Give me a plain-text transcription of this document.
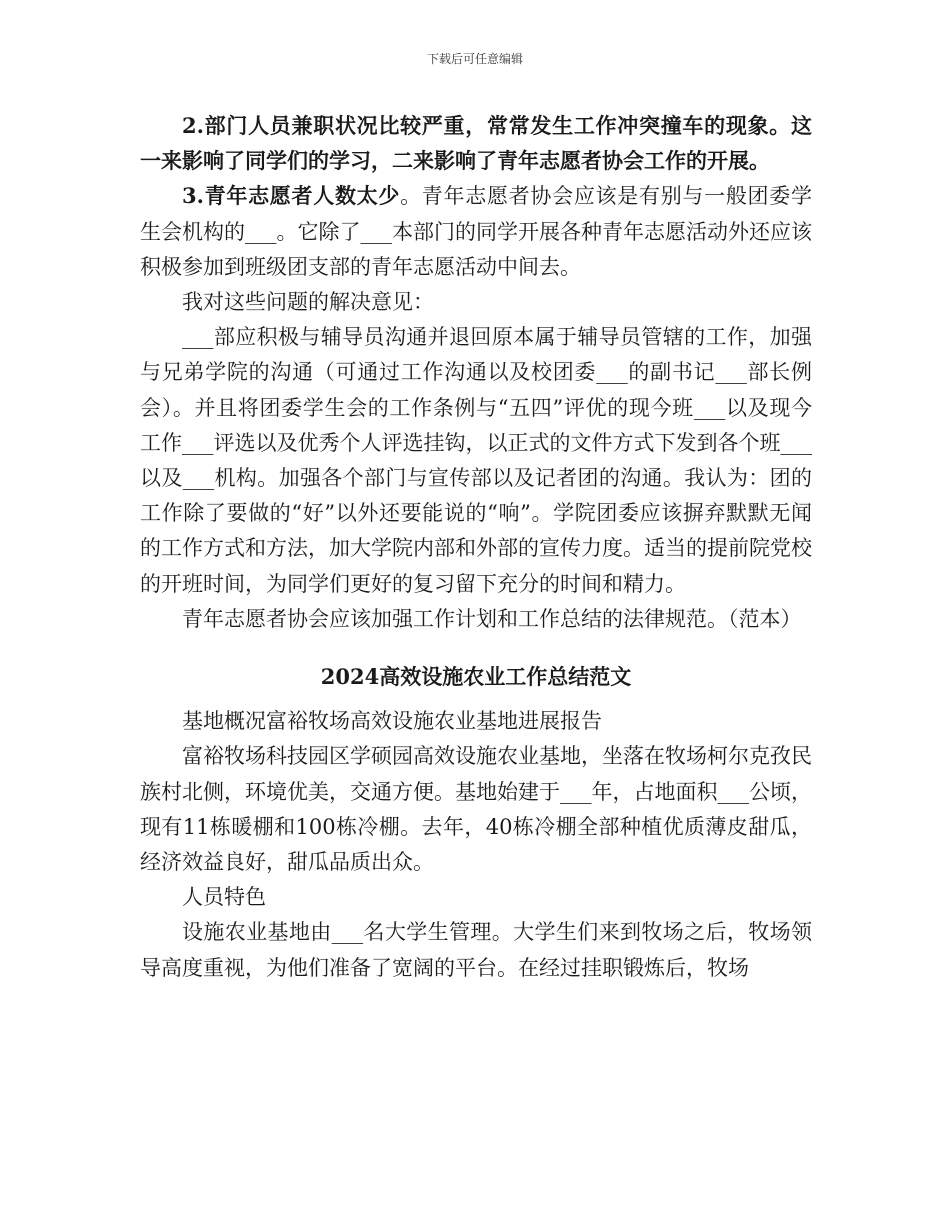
下载后可任意编辑

2.部门人员兼职状况比较严重，常常发生工作冲突撞车的现象。这一来影响了同学们的学习，二来影响了青年志愿者协会工作的开展。

3.青年志愿者人数太少。青年志愿者协会应该是有别与一般团委学生会机构的___。它除了___本部门的同学开展各种青年志愿活动外还应该积极参加到班级团支部的青年志愿活动中间去。

我对这些问题的解决意见：

___部应积极与辅导员沟通并退回原本属于辅导员管辖的工作，加强与兄弟学院的沟通（可通过工作沟通以及校团委___的副书记___部长例会）。并且将团委学生会的工作条例与“五四”评优的现今班___以及现今工作___评选以及优秀个人评选挂钩，以正式的文件方式下发到各个班___以及___机构。加强各个部门与宣传部以及记者团的沟通。我认为：团的工作除了要做的“好”以外还要能说的“响”。学院团委应该摒弃默默无闻的工作方式和方法，加大学院内部和外部的宣传力度。适当的提前院党校的开班时间，为同学们更好的复习留下充分的时间和精力。

青年志愿者协会应该加强工作计划和工作总结的法律规范。（范本）

2024高效设施农业工作总结范文

基地概况富裕牧场高效设施农业基地进展报告

富裕牧场科技园区学硕园高效设施农业基地，坐落在牧场柯尔克孜民族村北侧，环境优美，交通方便。基地始建于___年，占地面积___公顷，现有11栋暖棚和100栋冷棚。去年，40栋冷棚全部种植优质薄皮甜瓜，经济效益良好，甜瓜品质出众。

人员特色

设施农业基地由___名大学生管理。大学生们来到牧场之后，牧场领导高度重视，为他们准备了宽阔的平台。在经过挂职锻炼后，牧场
